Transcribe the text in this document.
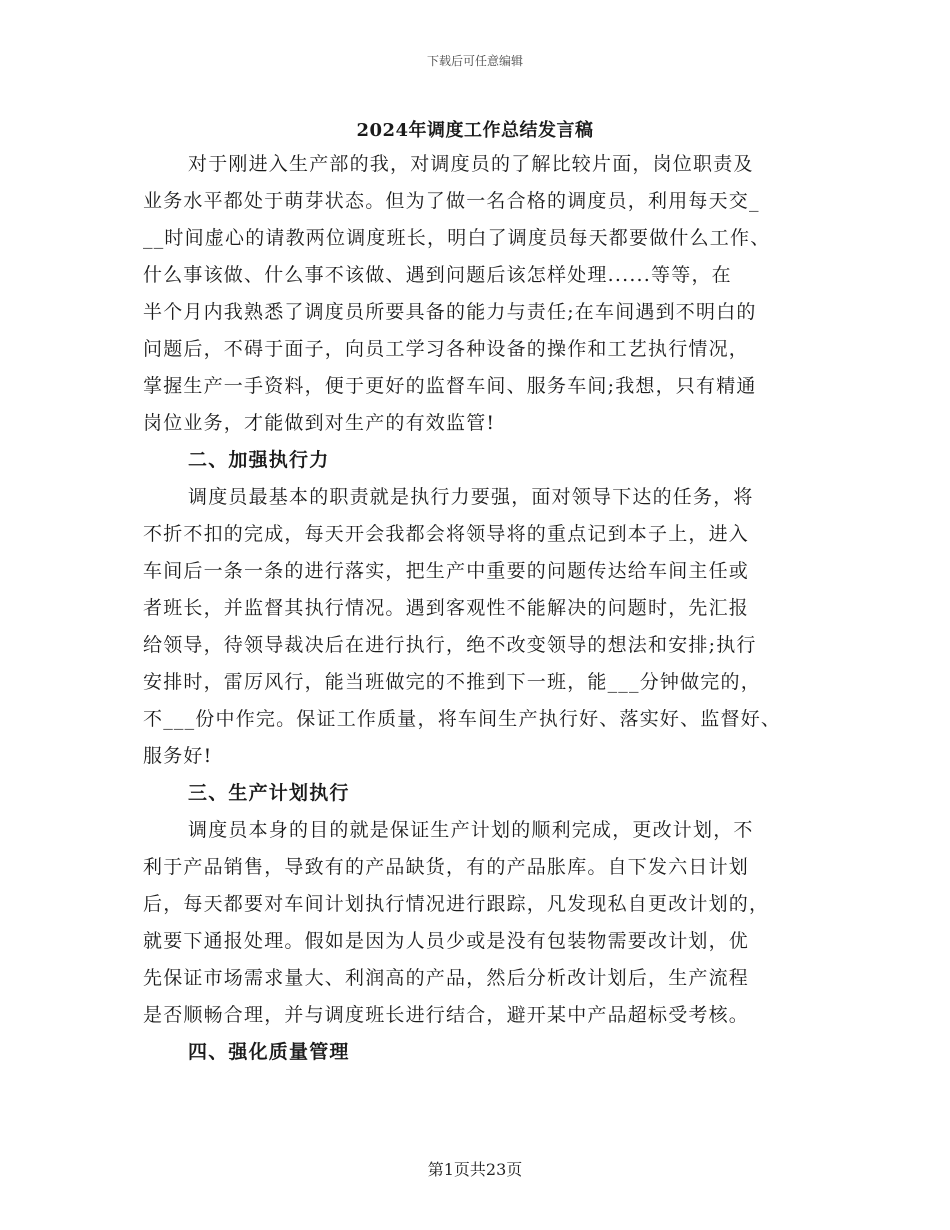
下载后可任意编辑
2024年调度工作总结发言稿
对于刚进入生产部的我，对调度员的了解比较片面，岗位职责及
业务水平都处于萌芽状态。但为了做一名合格的调度员，利用每天交_
__时间虚心的请教两位调度班长，明白了调度员每天都要做什么工作、
什么事该做、什么事不该做、遇到问题后该怎样处理......等等，在
半个月内我熟悉了调度员所要具备的能力与责任;在车间遇到不明白的
问题后，不碍于面子，向员工学习各种设备的操作和工艺执行情况，
掌握生产一手资料，便于更好的监督车间、服务车间;我想，只有精通
岗位业务，才能做到对生产的有效监管!
二、加强执行力
调度员最基本的职责就是执行力要强，面对领导下达的任务，将
不折不扣的完成，每天开会我都会将领导将的重点记到本子上，进入
车间后一条一条的进行落实，把生产中重要的问题传达给车间主任或
者班长，并监督其执行情况。遇到客观性不能解决的问题时，先汇报
给领导，待领导裁决后在进行执行，绝不改变领导的想法和安排;执行
安排时，雷厉风行，能当班做完的不推到下一班，能___分钟做完的，
不___份中作完。保证工作质量，将车间生产执行好、落实好、监督好、
服务好!
三、生产计划执行
调度员本身的目的就是保证生产计划的顺利完成，更改计划，不
利于产品销售，导致有的产品缺货，有的产品胀库。自下发六日计划
后，每天都要对车间计划执行情况进行跟踪，凡发现私自更改计划的，
就要下通报处理。假如是因为人员少或是没有包装物需要改计划，优
先保证市场需求量大、利润高的产品，然后分析改计划后，生产流程
是否顺畅合理，并与调度班长进行结合，避开某中产品超标受考核。
四、强化质量管理
第1页共23页
